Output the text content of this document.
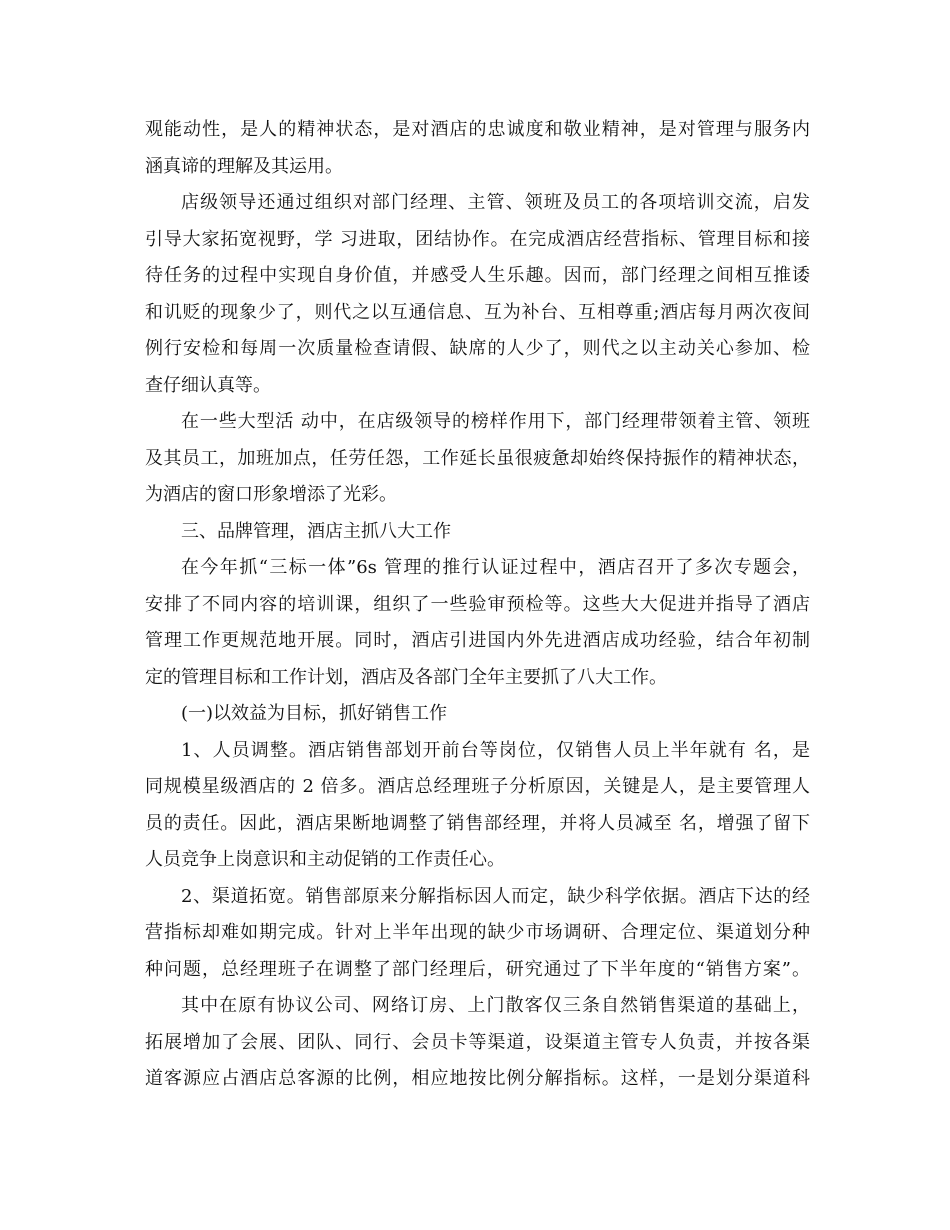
观能动性，是人的精神状态，是对酒店的忠诚度和敬业精神，是对管理与服务内
涵真谛的理解及其运用。
店级领导还通过组织对部门经理、主管、领班及员工的各项培训交流，启发
引导大家拓宽视野，学 习进取，团结协作。在完成酒店经营指标、管理目标和接
待任务的过程中实现自身价值，并感受人生乐趣。因而，部门经理之间相互推诿
和讥贬的现象少了，则代之以互通信息、互为补台、互相尊重;酒店每月两次夜间
例行安检和每周一次质量检查请假、缺席的人少了，则代之以主动关心参加、检
查仔细认真等。
在一些大型活 动中，在店级领导的榜样作用下，部门经理带领着主管、领班
及其员工，加班加点，任劳任怨，工作延长虽很疲惫却始终保持振作的精神状态，
为酒店的窗口形象增添了光彩。
三、品牌管理，酒店主抓八大工作
在今年抓“三标一体”6s 管理的推行认证过程中，酒店召开了多次专题会，
安排了不同内容的培训课，组织了一些验审预检等。这些大大促进并指导了酒店
管理工作更规范地开展。同时，酒店引进国内外先进酒店成功经验，结合年初制
定的管理目标和工作计划，酒店及各部门全年主要抓了八大工作。
(一)以效益为目标，抓好销售工作
1、人员调整。酒店销售部划开前台等岗位，仅销售人员上半年就有 名，是
同规模星级酒店的 2 倍多。酒店总经理班子分析原因，关键是人，是主要管理人
员的责任。因此，酒店果断地调整了销售部经理，并将人员减至 名，增强了留下
人员竞争上岗意识和主动促销的工作责任心。
2、渠道拓宽。销售部原来分解指标因人而定，缺少科学依据。酒店下达的经
营指标却难如期完成。针对上半年出现的缺少市场调研、合理定位、渠道划分种
种问题，总经理班子在调整了部门经理后，研究通过了下半年度的“销售方案”。
其中在原有协议公司、网络订房、上门散客仅三条自然销售渠道的基础上，
拓展增加了会展、团队、同行、会员卡等渠道，设渠道主管专人负责，并按各渠
道客源应占酒店总客源的比例，相应地按比例分解指标。这样，一是划分渠道科
